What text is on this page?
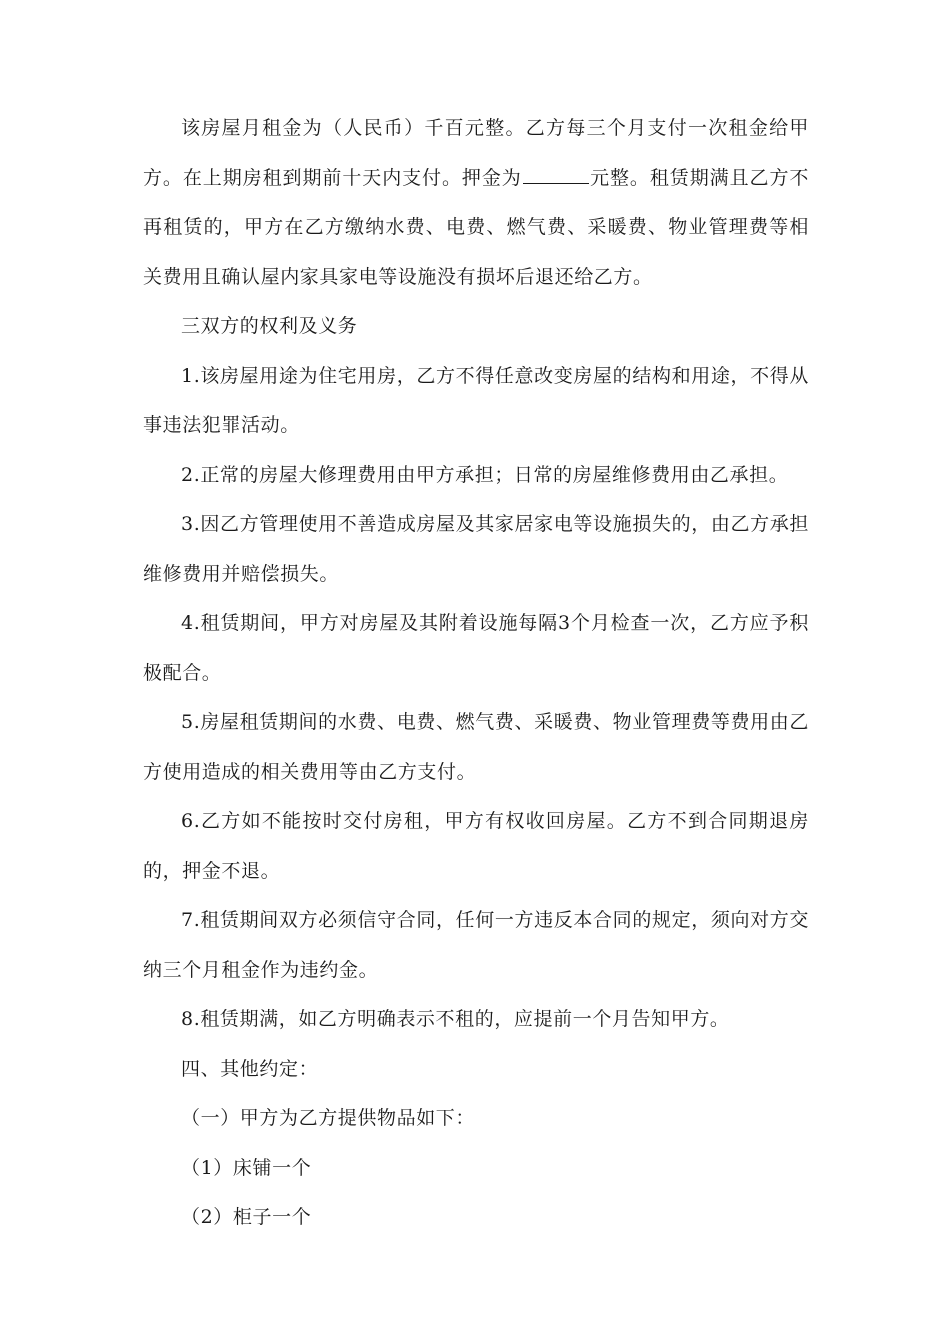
该房屋月租金为（人民币）千百元整。乙方每三个月支付一次租金给甲方。在上期房租到期前十天内支付。押金为	元整。租赁期满且乙方不再租赁的，甲方在乙方缴纳水费、电费、燃气费、采暖费、物业管理费等相关费用且确认屋内家具家电等设施没有损坏后退还给乙方。

三双方的权利及义务

1.该房屋用途为住宅用房，乙方不得任意改变房屋的结构和用途，不得从事违法犯罪活动。

2.正常的房屋大修理费用由甲方承担；日常的房屋维修费用由乙承担。

3.因乙方管理使用不善造成房屋及其家居家电等设施损失的，由乙方承担维修费用并赔偿损失。

4.租赁期间，甲方对房屋及其附着设施每隔3个月检查一次，乙方应予积极配合。

5.房屋租赁期间的水费、电费、燃气费、采暖费、物业管理费等费用由乙方使用造成的相关费用等由乙方支付。

6.乙方如不能按时交付房租，甲方有权收回房屋。乙方不到合同期退房的，押金不退。

7.租赁期间双方必须信守合同，任何一方违反本合同的规定，须向对方交纳三个月租金作为违约金。

8.租赁期满，如乙方明确表示不租的，应提前一个月告知甲方。

四、其他约定：

（一）甲方为乙方提供物品如下：

（1）床铺一个

（2）柜子一个
